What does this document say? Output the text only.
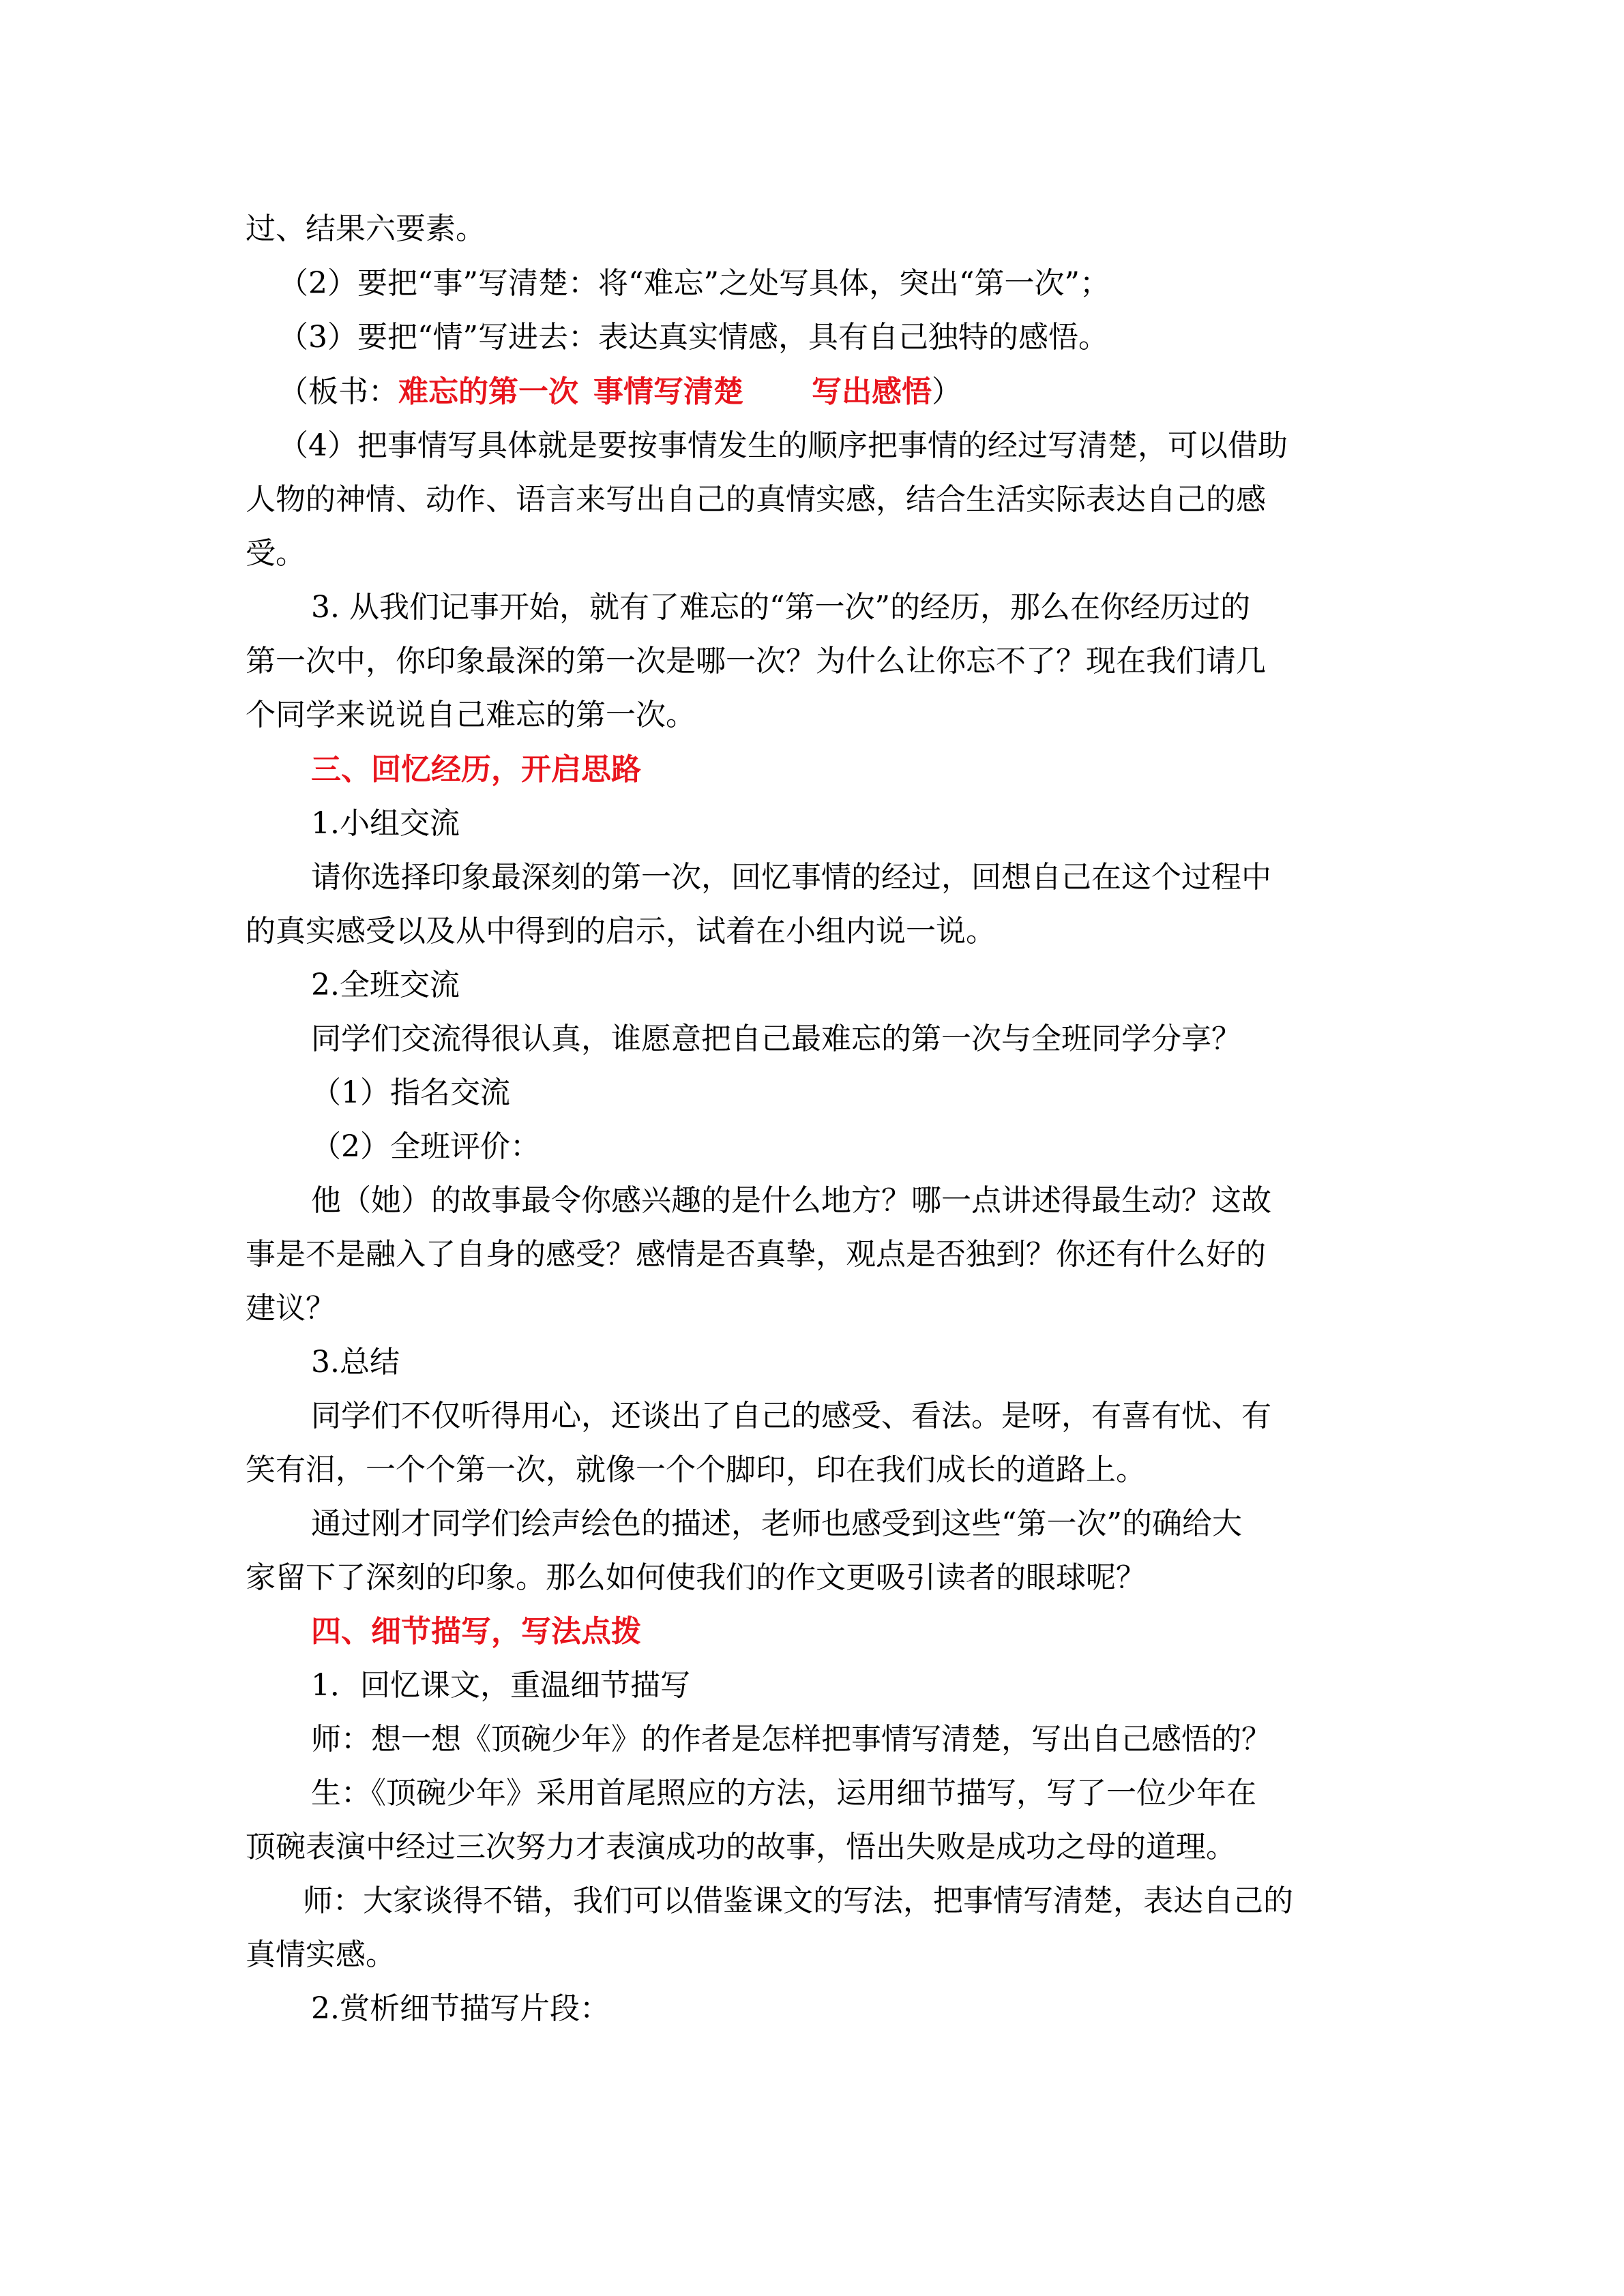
过、结果六要素。
（2）要把“事”写清楚：将“难忘”之处写具体，突出“第一次”；
（3）要把“情”写进去：表达真实情感，具有自己独特的感悟。
（板书：难忘的第一次 事情写清楚 写出感悟）
（4）把事情写具体就是要按事情发生的顺序把事情的经过写清楚，可以借助
人物的神情、动作、语言来写出自己的真情实感，结合生活实际表达自己的感
受。
3. 从我们记事开始，就有了难忘的“第一次”的经历，那么在你经历过的
第一次中，你印象最深的第一次是哪一次？为什么让你忘不了？现在我们请几
个同学来说说自己难忘的第一次。
三、回忆经历，开启思路
1.小组交流
请你选择印象最深刻的第一次，回忆事情的经过，回想自己在这个过程中
的真实感受以及从中得到的启示，试着在小组内说一说。
2.全班交流
同学们交流得很认真，谁愿意把自己最难忘的第一次与全班同学分享？
（1）指名交流
（2）全班评价：
他（她）的故事最令你感兴趣的是什么地方？哪一点讲述得最生动？这故
事是不是融入了自身的感受？感情是否真挚，观点是否独到？你还有什么好的
建议？
3.总结
同学们不仅听得用心，还谈出了自己的感受、看法。是呀，有喜有忧、有
笑有泪，一个个第一次，就像一个个脚印，印在我们成长的道路上。
通过刚才同学们绘声绘色的描述，老师也感受到这些“第一次”的确给大
家留下了深刻的印象。那么如何使我们的作文更吸引读者的眼球呢？
四、细节描写，写法点拨
1．回忆课文，重温细节描写
师：想一想《顶碗少年》的作者是怎样把事情写清楚，写出自己感悟的？
生：《顶碗少年》采用首尾照应的方法，运用细节描写，写了一位少年在
顶碗表演中经过三次努力才表演成功的故事，悟出失败是成功之母的道理。
师：大家谈得不错，我们可以借鉴课文的写法，把事情写清楚，表达自己的
真情实感。
2.赏析细节描写片段：
